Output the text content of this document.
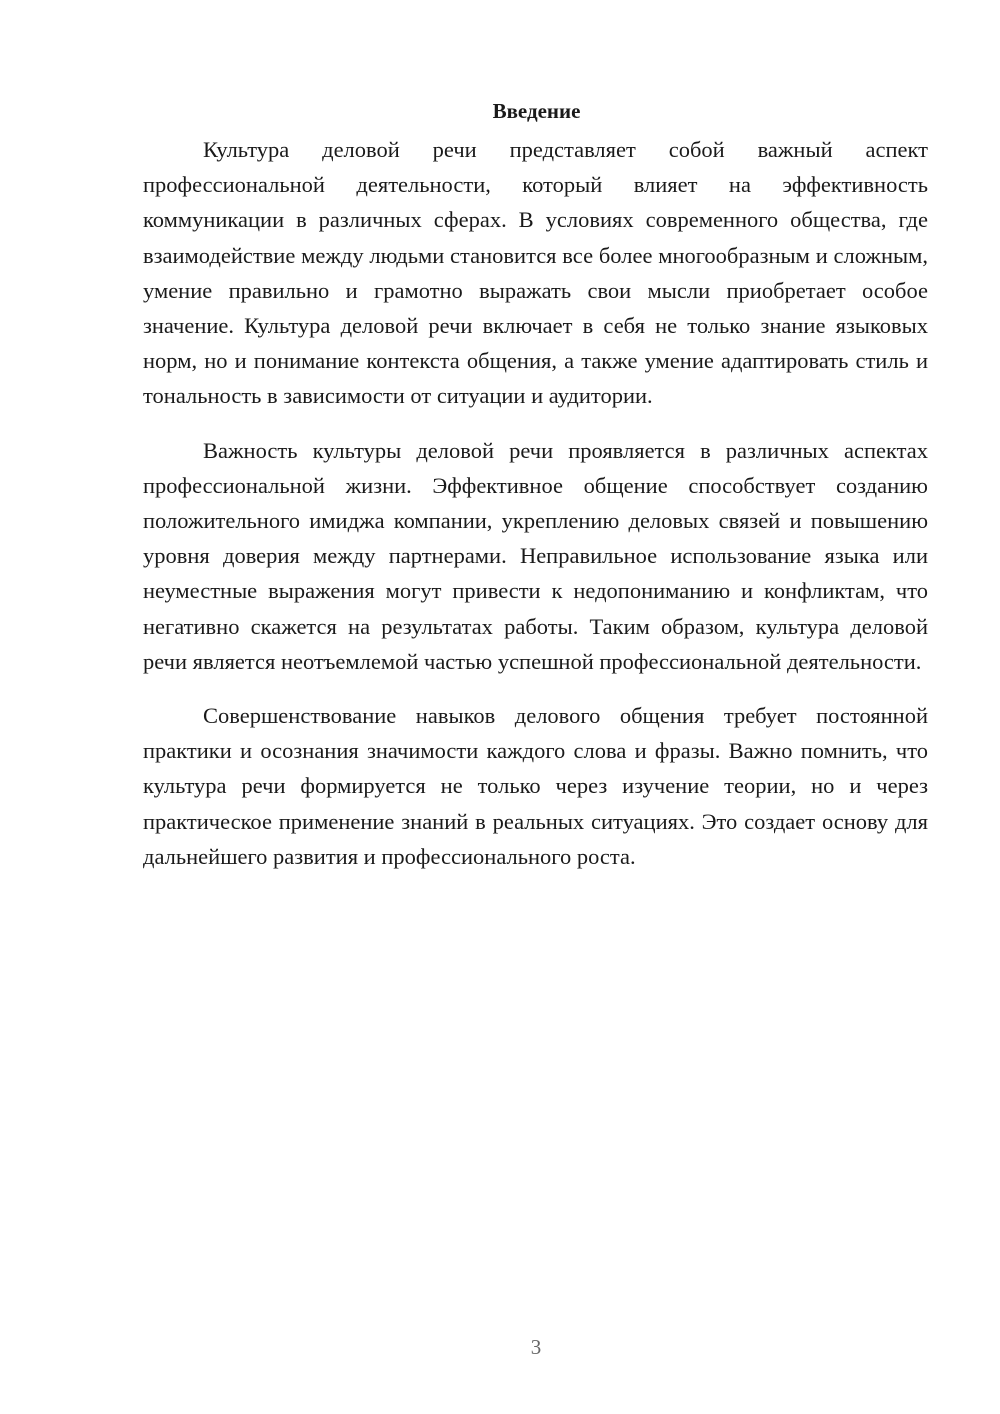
Введение

Культура деловой речи представляет собой важный аспект профессиональной деятельности, который влияет на эффективность коммуникации в различных сферах. В условиях современного общества, где взаимодействие между людьми становится все более многообразным и сложным, умение правильно и грамотно выражать свои мысли приобретает особое значение. Культура деловой речи включает в себя не только знание языковых норм, но и понимание контекста общения, а также умение адаптировать стиль и тональность в зависимости от ситуации и аудитории.

Важность культуры деловой речи проявляется в различных аспектах профессиональной жизни. Эффективное общение способствует созданию положительного имиджа компании, укреплению деловых связей и повышению уровня доверия между партнерами. Неправильное использование языка или неуместные выражения могут привести к недопониманию и конфликтам, что негативно скажется на результатах работы. Таким образом, культура деловой речи является неотъемлемой частью успешной профессиональной деятельности.

Совершенствование навыков делового общения требует постоянной практики и осознания значимости каждого слова и фразы. Важно помнить, что культура речи формируется не только через изучение теории, но и через практическое применение знаний в реальных ситуациях. Это создает основу для дальнейшего развития и профессионального роста.

3
